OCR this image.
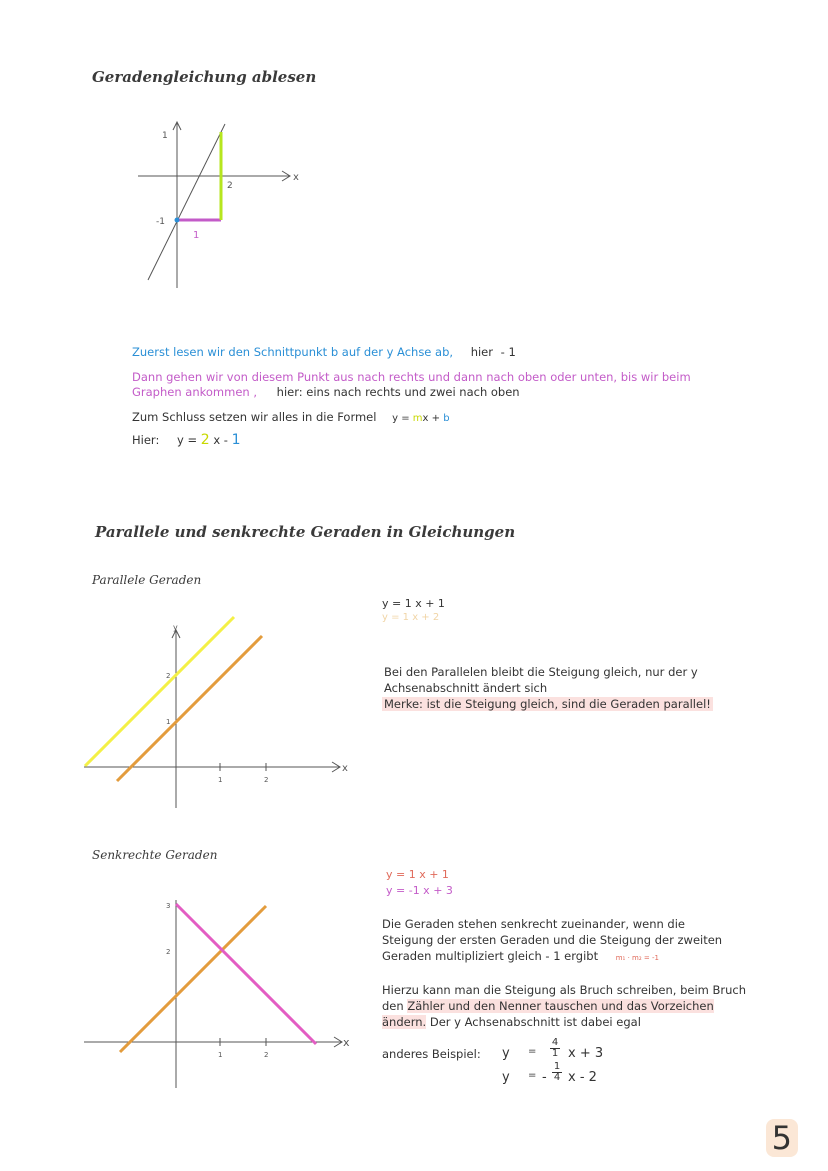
Geradengleichung ablesen
x
1
-1
2
1
Zuerst lesen wir den Schnittpunkt b auf der y Achse ab, hier - 1
Dann gehen wir von diesem Punkt aus nach rechts und dann nach oben oder unten, bis wir beim
Graphen ankommen , hier: eins nach rechts und zwei nach oben
Zum Schluss setzen wir alles in die Formel y = mx + b
Hier: y = 2 x - 1
Parallele und senkrechte Geraden in Gleichungen
Parallele Geraden
x
y
1	2
1
2
y = 1 x + 1
y = 1 x + 2
Bei den Parallelen bleibt die Steigung gleich, nur der y
Achsenabschnitt ändert sich
Merke: ist die Steigung gleich, sind die Geraden parallel!
Senkrechte Geraden
x
1	2
2
3
y = 1 x + 1
y = -1 x + 3
Die Geraden stehen senkrecht zueinander, wenn die
Steigung der ersten Geraden und die Steigung der zweiten
Geraden multipliziert gleich - 1 ergibt	m₁ · m₂ = -1
Hierzu kann man die Steigung als Bruch schreiben, beim Bruch
den Zähler und den Nenner tauschen und das Vorzeichen
ändern. Der y Achsenabschnitt ist dabei egal
anderes Beispiel: $y = \frac{4}{1}$ x + 3
y = - $\frac{1}{4}$ x - 2
5
